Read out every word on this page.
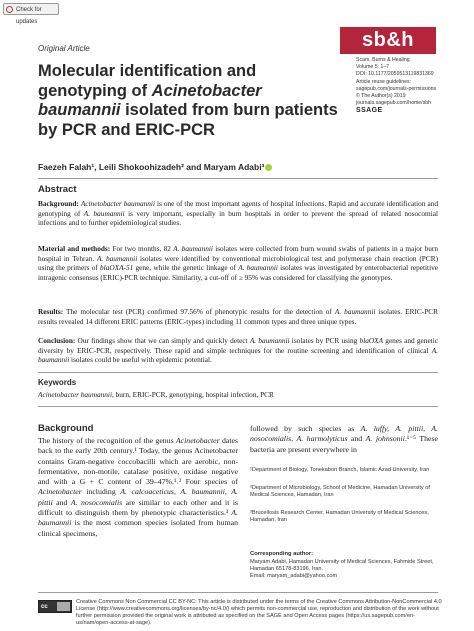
Check for updates
Original Article	sb&h
Scars, Burns & Healing
Volume 5: 1–7
DOI: 10.1177/2059513119831369
Article reuse guidelines:
sagepub.com/journals-permissions
© The Author(s) 2019
journals.sagepub.com/home/sbh
SSAGE
Molecular identification and genotyping of Acinetobacter baumannii isolated from burn patients by PCR and ERIC-PCR
Faezeh Falah¹, Leili Shokoohizadeh² and Maryam Adabi³
Abstract

Background: Acinetobacter baumannii is one of the most important agents of hospital infections. Rapid and accurate identification and genotyping of A. baumannii is very important, especially in burn hospitals in order to prevent the spread of related nosocomial infections and to further epidemiological studies.

Material and methods: For two months, 82 A. baumannii isolates were collected from burn wound swabs of patients in a major burn hospital in Tehran. A. baumannii isolates were identified by conventional microbiological test and polymerase chain reaction (PCR) using the primers of blaOXA-51 gene, while the genetic linkage of A. baumannii isolates was investigated by enterobacterial repetitive intragenic consensus (ERIC)-PCR technique. Similarity, a cut-off of ≥ 95% was considered for classifying the genotypes.

Results: The molecular test (PCR) confirmed 97.56% of phenotypic results for the detection of A. baumannii isolates. ERIC-PCR results revealed 14 different ERIC patterns (ERIC-types) including 11 common types and three unique types.

Conclusion: Our findings show that we can simply and quickly detect A. baumannii isolates by PCR using blaOXA genes and genetic diversity by ERIC-PCR, respectively. These rapid and simple techniques for the routine screening and identification of clinical A. baumannii isolates could be useful with epidemic potential.

Keywords
Acinetobacter baumannii, burn, ERIC-PCR, genotyping, hospital infection, PCR
Background

The history of the recognition of the genus Acinetobacter dates back to the early 20th century.¹ Today, the genus Acinetobacter contains Gram-negative coccobacilli which are aerobic, non-fermentative, non-motile, catalase positive, oxidase negative and with a G + C content of 39–47%.¹˒² Four species of Acinetobacter including A. calcoaceticus, A. baumannii, A. pittii and A. nosocomialis are similar to each other and it is difficult to distinguish them by phenotypic characteristics.³ A. baumannii is the most common species isolated from human clinical specimens,

followed by such species as A. luffy, A. pittii, A. nosocomialis, A. harmolyticus and A. johnsonii.¹⁻⁵ These bacteria are present everywhere in

¹Department of Biology, Tonekabon Branch, Islamic Azad University, Iran
²Department of Microbiology, School of Medicine, Hamadan University of Medical Sciences, Hamadan, Iran
³Brucellosis Research Center, Hamadan University of Medical Sciences, Hamadan, Iran
Corresponding author:
Maryam Adabi, Hamadan University of Medical Sciences, Fahmide Street, Hamadan 65178-83196, Iran.
Email: maryam_adabi@yahoo.com
cc
Creative Commons Non Commercial CC BY-NC: This article is distributed under the terms of the Creative Commons Attribution-NonCommercial 4.0 License (http://www.creativecommons.org/licenses/by-nc/4.0/) which permits non-commercial use, reproduction and distribution of the work without further permission provided the original work is attributed as specified on the SAGE and Open Access pages (https://us.sagepub.com/en-us/nam/open-access-at-sage).
